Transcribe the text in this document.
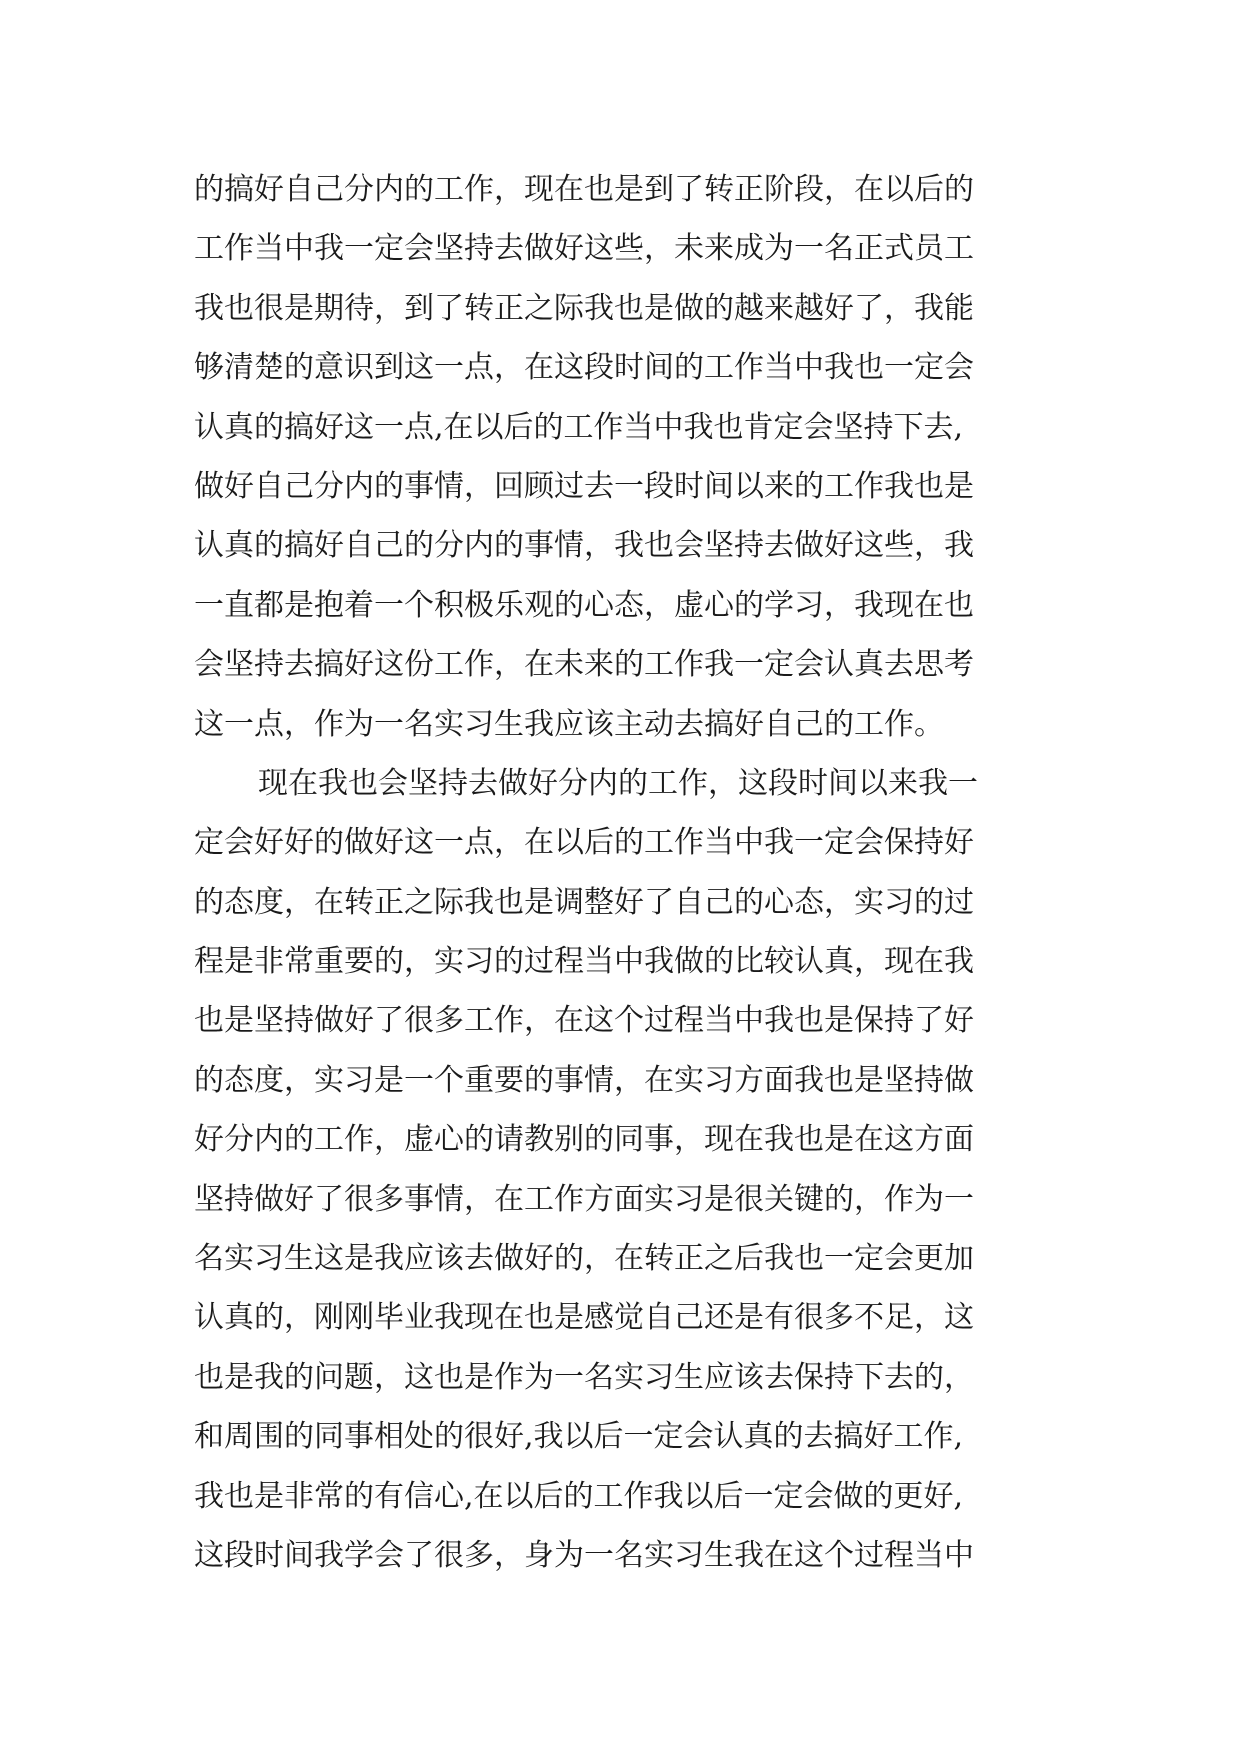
的搞好自己分内的工作，现在也是到了转正阶段，在以后的
工作当中我一定会坚持去做好这些，未来成为一名正式员工
我也很是期待，到了转正之际我也是做的越来越好了，我能
够清楚的意识到这一点，在这段时间的工作当中我也一定会
认真的搞好这一点,在以后的工作当中我也肯定会坚持下去,
做好自己分内的事情，回顾过去一段时间以来的工作我也是
认真的搞好自己的分内的事情，我也会坚持去做好这些，我
一直都是抱着一个积极乐观的心态，虚心的学习，我现在也
会坚持去搞好这份工作，在未来的工作我一定会认真去思考
这一点，作为一名实习生我应该主动去搞好自己的工作。
现在我也会坚持去做好分内的工作，这段时间以来我一
定会好好的做好这一点，在以后的工作当中我一定会保持好
的态度，在转正之际我也是调整好了自己的心态，实习的过
程是非常重要的，实习的过程当中我做的比较认真，现在我
也是坚持做好了很多工作，在这个过程当中我也是保持了好
的态度，实习是一个重要的事情，在实习方面我也是坚持做
好分内的工作，虚心的请教别的同事，现在我也是在这方面
坚持做好了很多事情，在工作方面实习是很关键的，作为一
名实习生这是我应该去做好的，在转正之后我也一定会更加
认真的，刚刚毕业我现在也是感觉自己还是有很多不足，这
也是我的问题，这也是作为一名实习生应该去保持下去的，
和周围的同事相处的很好,我以后一定会认真的去搞好工作,
我也是非常的有信心,在以后的工作我以后一定会做的更好,
这段时间我学会了很多，身为一名实习生我在这个过程当中
